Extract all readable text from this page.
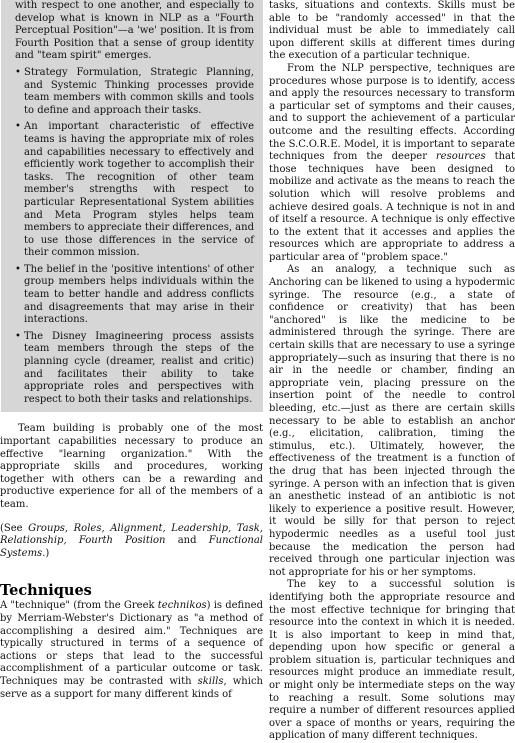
with respect to one another, and especially to develop what is known in NLP as a "Fourth Perceptual Position"—a 'we' position. It is from Fourth Position that a sense of group identity and "team spirit" emerges.

• Strategy Formulation, Strategic Planning, and Systemic Thinking processes provide team members with common skills and tools to define and approach their tasks.
• An important characteristic of effective teams is having the appropriate mix of roles and capabilities necessary to effectively and efficiently work together to accomplish their tasks. The recognition of other team member's strengths with respect to particular Representational System abilities and Meta Program styles helps team members to appreciate their differences, and to use those differences in the service of their common mission.
• The belief in the 'positive intentions' of other group members helps individuals within the team to better handle and address conflicts and disagreements that may arise in their interactions.
• The Disney Imagineering process assists team members through the steps of the planning cycle (dreamer, realist and critic) and facilitates their ability to take appropriate roles and perspectives with respect to both their tasks and relationships.

Team building is probably one of the most important capabilities necessary to produce an effective "learning organization." With the appropriate skills and procedures, working together with others can be a rewarding and productive experience for all of the members of a team.

(See Groups, Roles, Alignment, Leadership, Task, Relationship, Fourth Position and Functional Systems.)

Techniques

A "technique" (from the Greek technikos) is defined by Merriam-Webster's Dictionary as "a method of accomplishing a desired aim." Techniques are typically structured in terms of a sequence of actions or steps that lead to the successful accomplishment of a particular outcome or task. Techniques may be contrasted with skills, which serve as a support for many different kinds of

tasks, situations and contexts. Skills must be able to be "randomly accessed" in that the individual must be able to immediately call upon different skills at different times during the execution of a particular technique.

From the NLP perspective, techniques are procedures whose purpose is to identify, access and apply the resources necessary to transform a particular set of symptoms and their causes, and to support the achievement of a particular outcome and the resulting effects. According the S.C.O.R.E. Model, it is important to separate techniques from the deeper resources that those techniques have been designed to mobilize and activate as the means to reach the solution which will resolve problems and achieve desired goals. A technique is not in and of itself a resource. A technique is only effective to the extent that it accesses and applies the resources which are appropriate to address a particular area of "problem space."

As an analogy, a technique such as Anchoring can be likened to using a hypodermic syringe. The resource (e.g., a state of confidence or creativity) that has been "anchored" is like the medicine to be administered through the syringe. There are certain skills that are necessary to use a syringe appropriately—such as insuring that there is no air in the needle or chamber, finding an appropriate vein, placing pressure on the insertion point of the needle to control bleeding, etc.—just as there are certain skills necessary to be able to establish an anchor (e.g., elicitation, calibration, timing the stimulus, etc.). Ultimately, however, the effectiveness of the treatment is a function of the drug that has been injected through the syringe. A person with an infection that is given an anesthetic instead of an antibiotic is not likely to experience a positive result. However, it would be silly for that person to reject hypodermic needles as a useful tool just because the medication the person had received through one particular injection was not appropriate for his or her symptoms.

The key to a successful solution is identifying both the appropriate resource and the most effective technique for bringing that resource into the context in which it is needed. It is also important to keep in mind that, depending upon how specific or general a problem situation is, particular techniques and resources might produce an immediate result, or might only be intermediate steps on the way to reaching a result. Some solutions may require a number of different resources applied over a space of months or years, requiring the application of many different techniques.
